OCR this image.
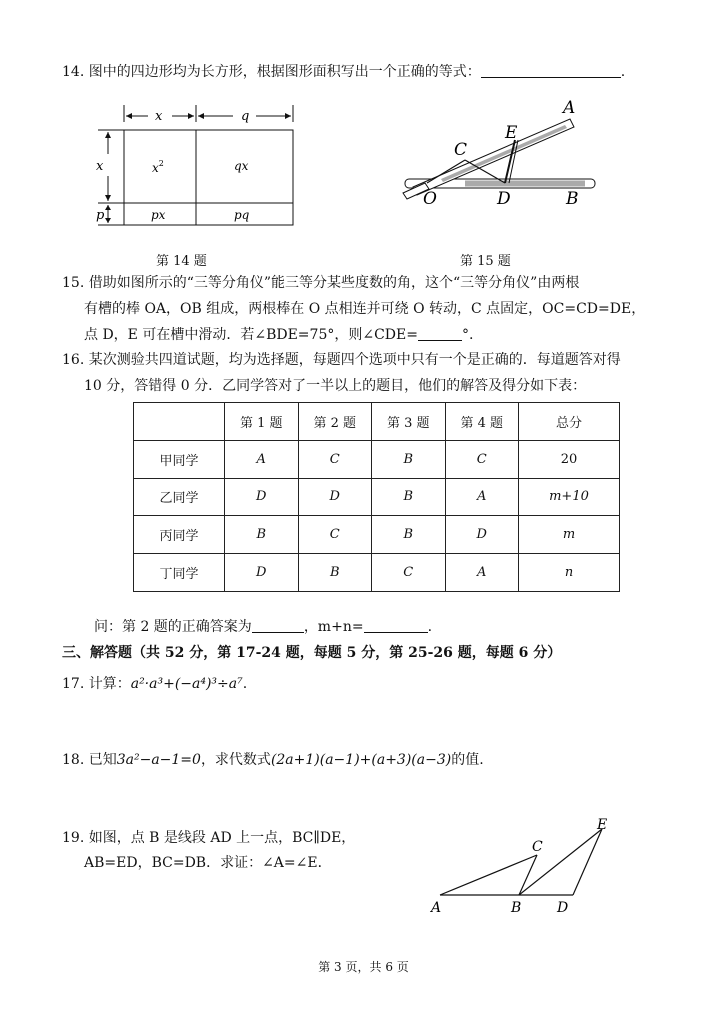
14. 图中的四边形均为长方形，根据图形面积写出一个正确的等式：	.
x	q
x
p
$x^2$	qx
px	pq
第 14 题
A
E
C
O	D	B
第 15 题
15. 借助如图所示的“三等分角仪”能三等分某些度数的角，这个“三等分角仪”由两根
有槽的棒 OA，OB 组成，两根棒在 O 点相连并可绕 O 转动，C 点固定，OC=CD=DE，
点 D，E 可在槽中滑动．若∠BDE=75°，则∠CDE=	°.
16. 某次测验共四道试题，均为选择题，每题四个选项中只有一个是正确的．每道题答对得
10 分，答错得 0 分．乙同学答对了一半以上的题目，他们的解答及得分如下表：
	第 1 题	第 2 题	第 3 题	第 4 题	总分
甲同学	A	C	B	C	20
乙同学	D	D	B	A	m+10
丙同学	B	C	B	D	m
丁同学	D	B	C	A	n
问：第 2 题的正确答案为	，m+n=	.
三、解答题（共 52 分，第 17-24 题，每题 5 分，第 25-26 题，每题 6 分）
17. 计算：a²·a³+(−a⁴)³÷a⁷.
18. 已知3a²−a−1=0，求代数式(2a+1)(a−1)+(a+3)(a−3)的值.
19. 如图，点 B 是线段 AD 上一点，BC∥DE，
AB=ED，BC=DB．求证：∠A=∠E．
A	B
C
D
E
第 3 页，共 6 页
